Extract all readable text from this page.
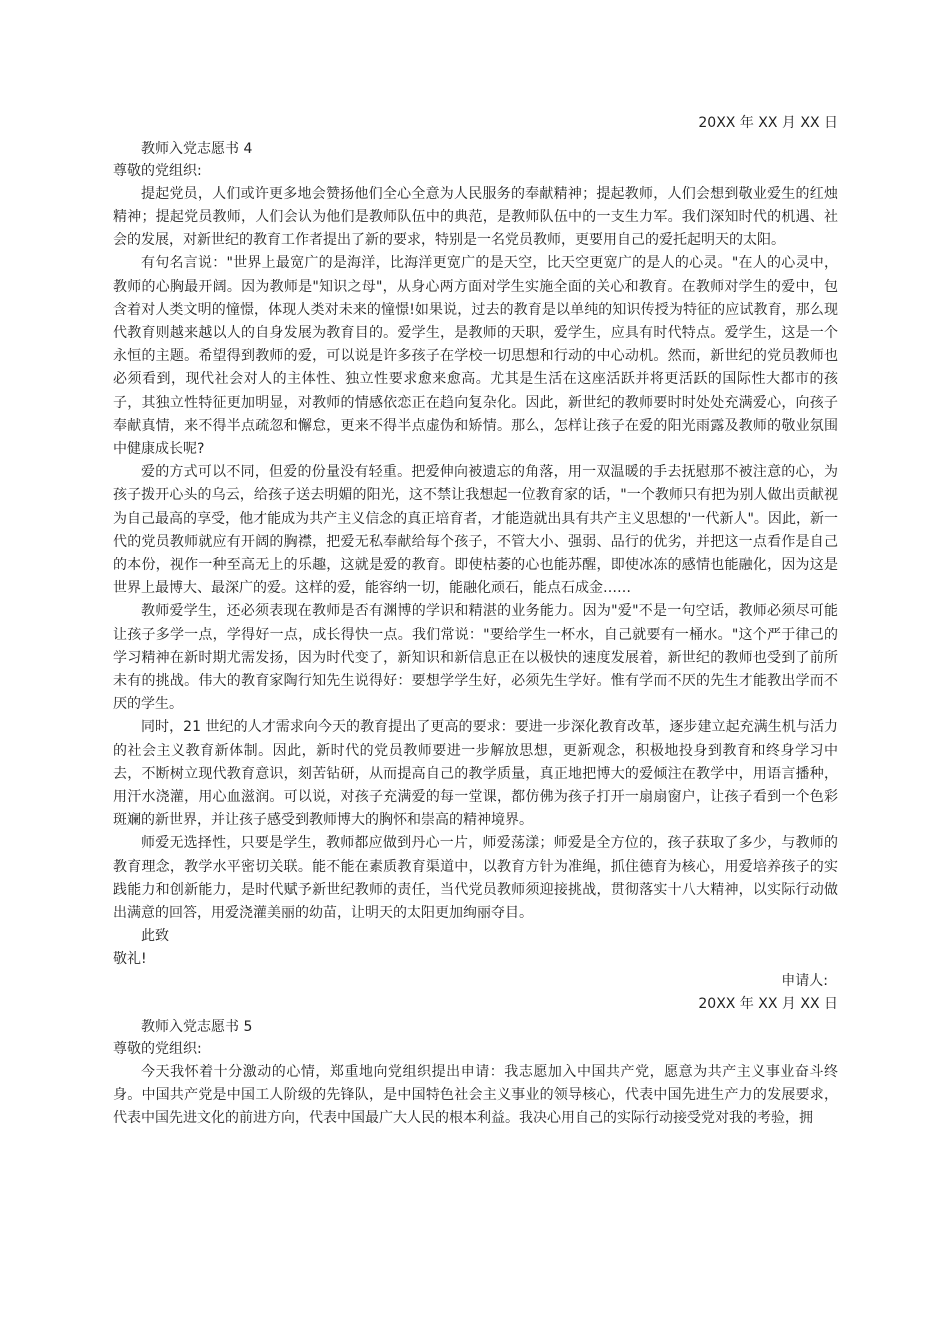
20XX 年 XX 月 XX 日

教师入党志愿书 4

尊敬的党组织:

提起党员，人们或许更多地会赞扬他们全心全意为人民服务的奉献精神；提起教师，人们会想到敬业爱生的红烛精神；提起党员教师，人们会认为他们是教师队伍中的典范，是教师队伍中的一支生力军。我们深知时代的机遇、社会的发展，对新世纪的教育工作者提出了新的要求，特别是一名党员教师，更要用自己的爱托起明天的太阳。

有句名言说："世界上最宽广的是海洋，比海洋更宽广的是天空，比天空更宽广的是人的心灵。"在人的心灵中，教师的心胸最开阔。因为教师是"知识之母"，从身心两方面对学生实施全面的关心和教育。在教师对学生的爱中，包含着对人类文明的憧憬，体现人类对未来的憧憬!如果说，过去的教育是以单纯的知识传授为特征的应试教育，那么现代教育则越来越以人的自身发展为教育目的。爱学生，是教师的天职，爱学生，应具有时代特点。爱学生，这是一个永恒的主题。希望得到教师的爱，可以说是许多孩子在学校一切思想和行动的中心动机。然而，新世纪的党员教师也必须看到，现代社会对人的主体性、独立性要求愈来愈高。尤其是生活在这座活跃并将更活跃的国际性大都市的孩子，其独立性特征更加明显，对教师的情感依恋正在趋向复杂化。因此，新世纪的教师要时时处处充满爱心，向孩子奉献真情，来不得半点疏忽和懈怠，更来不得半点虚伪和矫情。那么，怎样让孩子在爱的阳光雨露及教师的敬业氛围中健康成长呢?

爱的方式可以不同，但爱的份量没有轻重。把爱伸向被遗忘的角落，用一双温暖的手去抚慰那不被注意的心，为孩子拨开心头的乌云，给孩子送去明媚的阳光，这不禁让我想起一位教育家的话，"一个教师只有把为别人做出贡献视为自己最高的享受，他才能成为共产主义信念的真正培育者，才能造就出具有共产主义思想的'一代新人"。因此，新一代的党员教师就应有开阔的胸襟，把爱无私奉献给每个孩子，不管大小、强弱、品行的优劣，并把这一点看作是自己的本份，视作一种至高无上的乐趣，这就是爱的教育。即使枯萎的心也能苏醒，即使冰冻的感情也能融化，因为这是世界上最博大、最深广的爱。这样的爱，能容纳一切，能融化顽石，能点石成金……

教师爱学生，还必须表现在教师是否有渊博的学识和精湛的业务能力。因为"爱"不是一句空话，教师必须尽可能让孩子多学一点，学得好一点，成长得快一点。我们常说："要给学生一杯水，自己就要有一桶水。"这个严于律己的学习精神在新时期尤需发扬，因为时代变了，新知识和新信息正在以极快的速度发展着，新世纪的教师也受到了前所未有的挑战。伟大的教育家陶行知先生说得好：要想学学生好，必须先生学好。惟有学而不厌的先生才能教出学而不厌的学生。

同时，21 世纪的人才需求向今天的教育提出了更高的要求：要进一步深化教育改革，逐步建立起充满生机与活力的社会主义教育新体制。因此，新时代的党员教师要进一步解放思想，更新观念，积极地投身到教育和终身学习中去，不断树立现代教育意识，刻苦钻研，从而提高自己的教学质量，真正地把博大的爱倾注在教学中，用语言播种，用汗水浇灌，用心血滋润。可以说，对孩子充满爱的每一堂课，都仿佛为孩子打开一扇扇窗户，让孩子看到一个色彩斑斓的新世界，并让孩子感受到教师博大的胸怀和崇高的精神境界。

师爱无选择性，只要是学生，教师都应做到丹心一片，师爱荡漾；师爱是全方位的，孩子获取了多少，与教师的教育理念，教学水平密切关联。能不能在素质教育渠道中，以教育方针为准绳，抓住德育为核心，用爱培养孩子的实践能力和创新能力，是时代赋予新世纪教师的责任，当代党员教师须迎接挑战，贯彻落实十八大精神，以实际行动做出满意的回答，用爱浇灌美丽的幼苗，让明天的太阳更加绚丽夺目。

此致

敬礼!

申请人:

20XX 年 XX 月 XX 日

教师入党志愿书 5

尊敬的党组织:

今天我怀着十分激动的心情，郑重地向党组织提出申请：我志愿加入中国共产党，愿意为共产主义事业奋斗终身。中国共产党是中国工人阶级的先锋队，是中国特色社会主义事业的领导核心，代表中国先进生产力的发展要求，代表中国先进文化的前进方向，代表中国最广大人民的根本利益。我决心用自己的实际行动接受党对我的考验，拥
